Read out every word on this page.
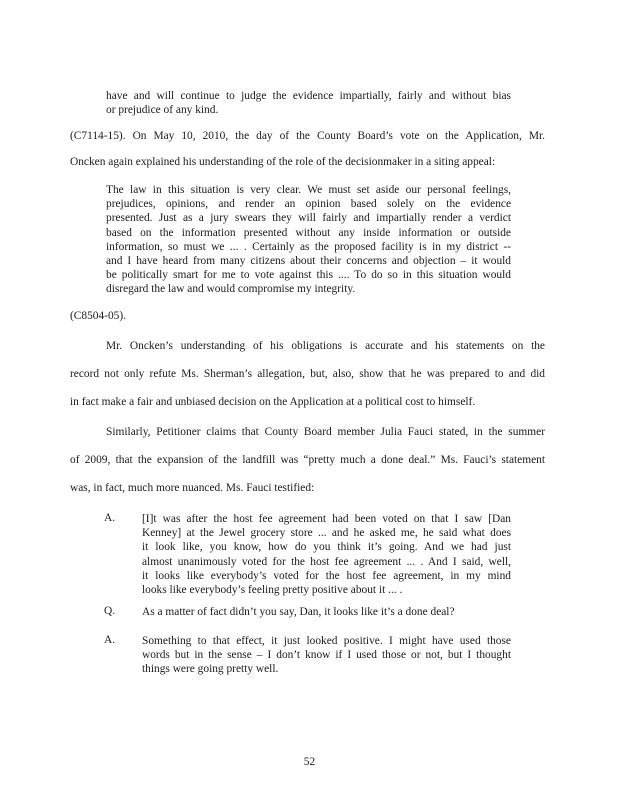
have and will continue to judge the evidence impartially, fairly and without bias
or prejudice of any kind.
(C7114-15). On May 10, 2010, the day of the County Board’s vote on the Application, Mr.
Oncken again explained his understanding of the role of the decisionmaker in a siting appeal:
The law in this situation is very clear. We must set aside our personal feelings,
prejudices, opinions, and render an opinion based solely on the evidence
presented. Just as a jury swears they will fairly and impartially render a verdict
based on the information presented without any inside information or outside
information, so must we ... . Certainly as the proposed facility is in my district --
and I have heard from many citizens about their concerns and objection – it would
be politically smart for me to vote against this .... To do so in this situation would
disregard the law and would compromise my integrity.
(C8504-05).
Mr. Oncken’s understanding of his obligations is accurate and his statements on the
record not only refute Ms. Sherman’s allegation, but, also, show that he was prepared to and did
in fact make a fair and unbiased decision on the Application at a political cost to himself.
Similarly, Petitioner claims that County Board member Julia Fauci stated, in the summer
of 2009, that the expansion of the landfill was “pretty much a done deal.” Ms. Fauci’s statement
was, in fact, much more nuanced. Ms. Fauci testified:
A. [I]t was after the host fee agreement had been voted on that I saw [Dan
Kenney] at the Jewel grocery store ... and he asked me, he said what does
it look like, you know, how do you think it’s going. And we had just
almost unanimously voted for the host fee agreement ... . And I said, well,
it looks like everybody’s voted for the host fee agreement, in my mind
looks like everybody’s feeling pretty positive about it ... .
Q. As a matter of fact didn’t you say, Dan, it looks like it’s a done deal?
A. Something to that effect, it just looked positive. I might have used those
words but in the sense – I don’t know if I used those or not, but I thought
things were going pretty well.
52
